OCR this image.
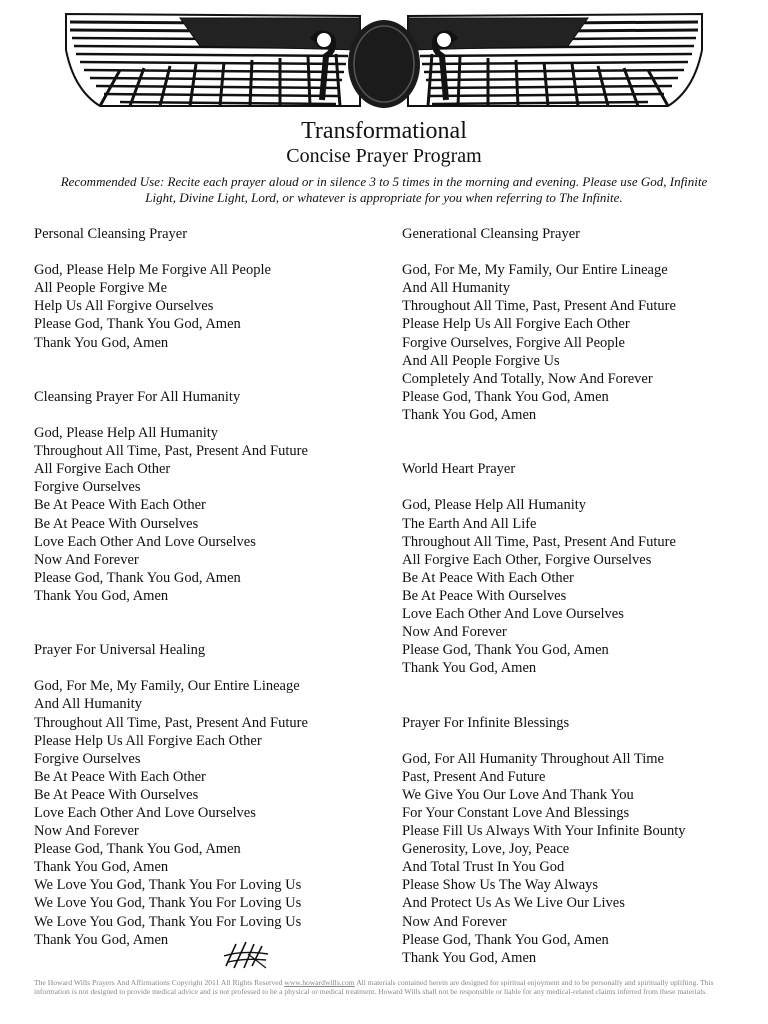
Transformational
Concise Prayer Program
Recommended Use: Recite each prayer aloud or in silence 3 to 5 times in the morning and evening. Please use God, Infinite Light, Divine Light, Lord, or whatever is appropriate for you when referring to The Infinite.
Personal Cleansing Prayer
God, Please Help Me Forgive All People
All People Forgive Me
Help Us All Forgive Ourselves
Please God, Thank You God, Amen
Thank You God, Amen
Cleansing Prayer For All Humanity
God, Please Help All Humanity
Throughout All Time, Past, Present And Future
All Forgive Each Other
Forgive Ourselves
Be At Peace With Each Other
Be At Peace With Ourselves
Love Each Other And Love Ourselves
Now And Forever
Please God, Thank You God, Amen
Thank You God, Amen
Prayer For Universal Healing
God, For Me, My Family, Our Entire Lineage
And All Humanity
Throughout All Time, Past, Present And Future
Please Help Us All Forgive Each Other
Forgive Ourselves
Be At Peace With Each Other
Be At Peace With Ourselves
Love Each Other And Love Ourselves
Now And Forever
Please God, Thank You God, Amen
Thank You God, Amen
We Love You God, Thank You For Loving Us
We Love You God, Thank You For Loving Us
We Love You God, Thank You For Loving Us
Thank You God, Amen
Generational Cleansing Prayer
God, For Me, My Family, Our Entire Lineage
And All Humanity
Throughout All Time, Past, Present And Future
Please Help Us All Forgive Each Other
Forgive Ourselves, Forgive All People
And All People Forgive Us
Completely And Totally, Now And Forever
Please God, Thank You God, Amen
Thank You God, Amen
World Heart Prayer
God, Please Help All Humanity
The Earth And All Life
Throughout All Time, Past, Present And Future
All Forgive Each Other, Forgive Ourselves
Be At Peace With Each Other
Be At Peace With Ourselves
Love Each Other And Love Ourselves
Now And Forever
Please God, Thank You God, Amen
Thank You God, Amen
Prayer For Infinite Blessings
God, For All Humanity Throughout All Time
Past, Present And Future
We Give You Our Love And Thank You
For Your Constant Love And Blessings
Please Fill Us Always With Your Infinite Bounty
Generosity, Love, Joy, Peace
And Total Trust In You God
Please Show Us The Way Always
And Protect Us As We Live Our Lives
Now And Forever
Please God, Thank You God, Amen
Thank You God, Amen
The Howard Wills Prayers And Affirmations Copyright 2011 All Rights Reserved www.howardwills.com All materials contained herein are designed for spiritual enjoyment and to be personally and spiritually uplifting. This information is not designed to provide medical advice and is not professed to be a physical or medical treatment. Howard Wills shall not be responsible or liable for any medical-related claims inferred from these materials.
